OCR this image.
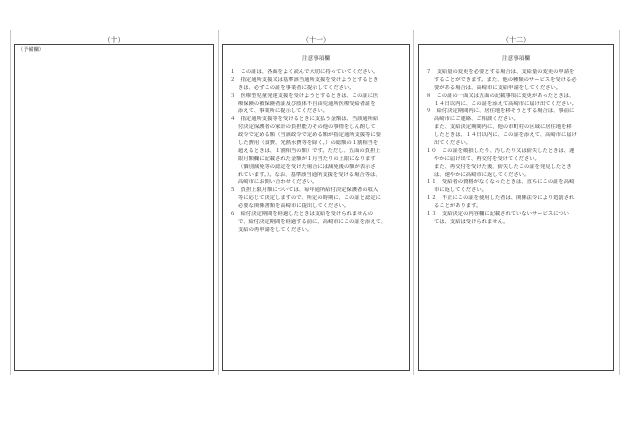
（十）	（十一）	（十二）
（予備欄）
注意事項欄
１　この証は、各面をよく読んで大切に持っていてください。
２　指定通所支援又は基準該当通所支援を受けようとするとき
きは、必ずこの証を事業者に提示してください。
３　医療型児童発達支援を受けようとするときは、この証に医
療保険の被保険者証及び肢体不自由児通所医療受給者証を
添えて、事業所に提示してください。
４　指定通所支援等を受けるときに支払う金額は、当該通所給
付決定保護者の家計の負担能力その他の事情をしん酌して
政令で定める額（当該政令で定める額が指定通所支援等に要
した費用（食費、光熱水費等を除く。）の総額の１割相当を
超えるときは、１割相当の額）です。ただし、五面の負担上
限月額欄に記載された金額が１月当たりの上限になります
（個別減免等の認定を受けた場合には減免後の額が表示さ
れています。）。なお、基準該当通所支援を受ける場合等は、
高崎市にお問い合わせください。
５　負担上限月額については、毎年通所給付決定保護者の収入
等に応じて決定しますので、所定の時期に、この証と認定に
必要な関係書類を高崎市に提出してください。
６　給付決定期間を経過したときは支給を受けられませんの
で、給付決定期間を経過する前に、高崎市にこの証を添えて、
支給の再申請をしてください。
注意事項欄
７　支給量の変更を必要とする場合は、支給量の変更の申請を
することができます。また、他の種類のサービスを受ける必
要がある場合は、高崎市に支給申請をしてください。
８　この証の一面又は五面の記載事項に変更があったときは、
１４日以内に、この証を添えて高崎市に届け出てください。
９　給付決定期間内に、居住地を移そうとする場合は、事前に
高崎市にご連絡、ご相談ください。
また、支給決定期間内に、他の市町村の区域に居住地を移
したときは、１４日以内に、この証を添えて、高崎市に届け
出てください。
１０　この証を破損したり、汚したり又は紛失したときは、速
やかに届け出て、再交付を受けてください。
また、再交付を受けた後、紛失したこの証を発見したとき
は、速やかに高崎市に返してください。
１１　受給者の資格がなくなったときは、直ちにこの証を高崎
市に返してください。
１２　不正にこの証を使用した者は、関係法令により処罰され
ることがあります。
１３　支給決定の内容欄に記載されていないサービスについ
ては、支給は受けられません。
